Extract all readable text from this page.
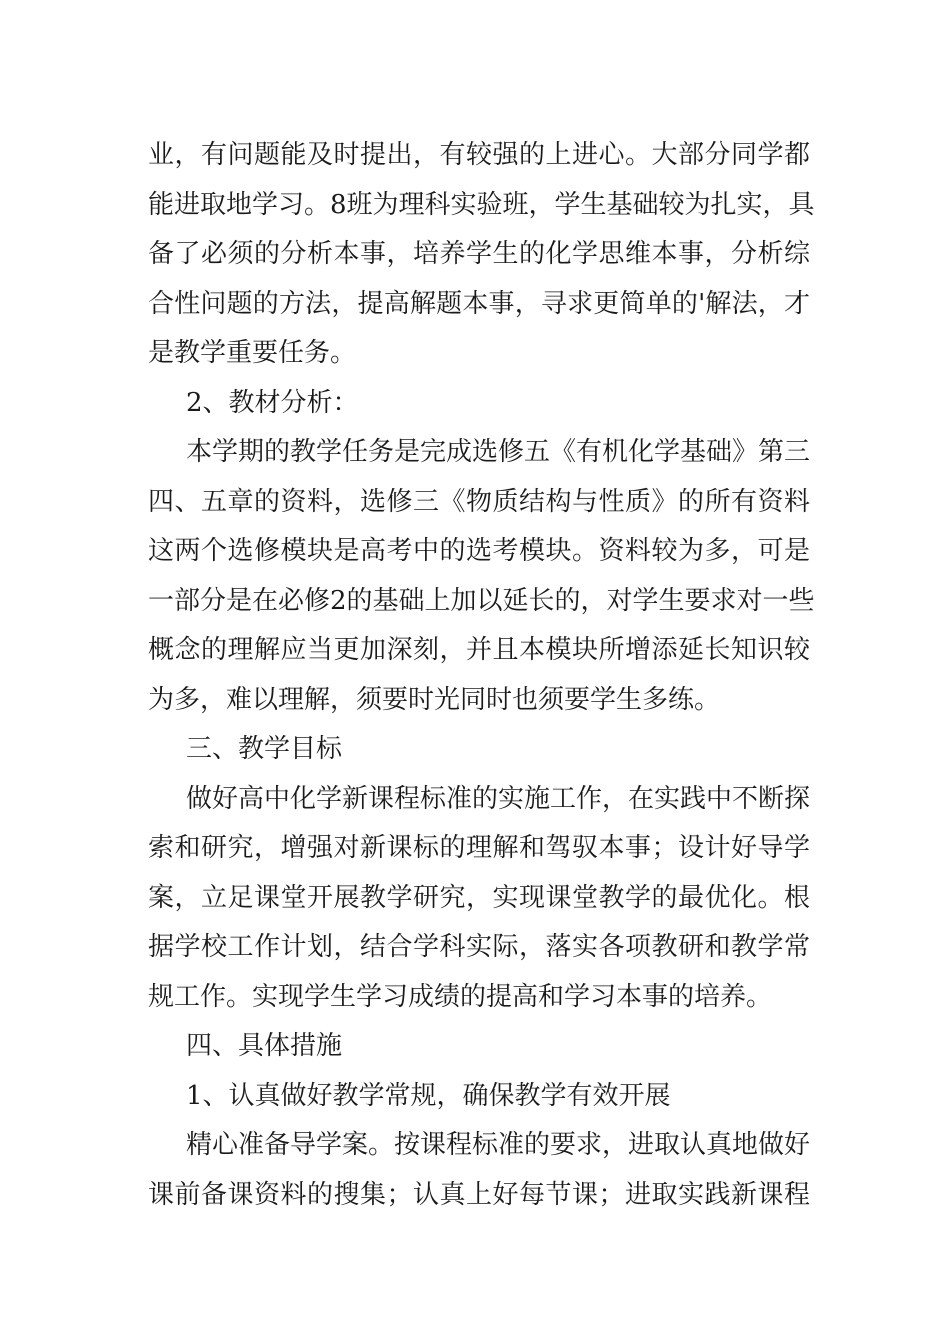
业，有问题能及时提出，有较强的上进心。大部分同学都
能进取地学习。8班为理科实验班，学生基础较为扎实，具
备了必须的分析本事，培养学生的化学思维本事，分析综
合性问题的方法，提高解题本事，寻求更简单的'解法，才
是教学重要任务。
2、教材分析：
本学期的教学任务是完成选修五《有机化学基础》第三
四、五章的资料，选修三《物质结构与性质》的所有资料
这两个选修模块是高考中的选考模块。资料较为多，可是
一部分是在必修2的基础上加以延长的，对学生要求对一些
概念的理解应当更加深刻，并且本模块所增添延长知识较
为多，难以理解，须要时光同时也须要学生多练。
三、教学目标
做好高中化学新课程标准的实施工作，在实践中不断探
索和研究，增强对新课标的理解和驾驭本事；设计好导学
案，立足课堂开展教学研究，实现课堂教学的最优化。根
据学校工作计划，结合学科实际，落实各项教研和教学常
规工作。实现学生学习成绩的提高和学习本事的培养。
四、具体措施
1、认真做好教学常规，确保教学有效开展
精心准备导学案。按课程标准的要求，进取认真地做好
课前备课资料的搜集；认真上好每节课；进取实践新课程
